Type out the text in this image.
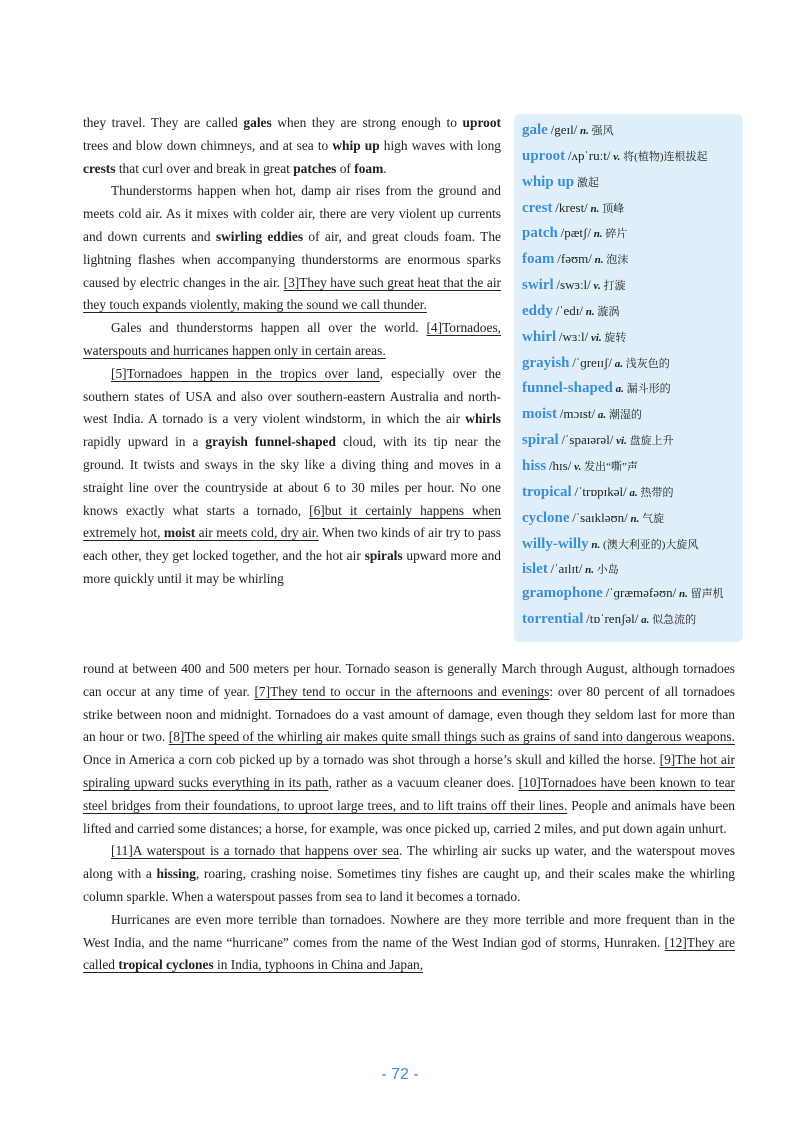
they travel. They are called gales when they are strong enough to uproot trees and blow down chimneys, and at sea to whip up high waves with long crests that curl over and break in great patches of foam.

Thunderstorms happen when hot, damp air rises from the ground and meets cold air. As it mixes with colder air, there are very violent up currents and down currents and swirling eddies of air, and great clouds foam. The lightning flashes when accompanying thunderstorms are enormous sparks caused by electric changes in the air. [3]They have such great heat that the air they touch expands violently, making the sound we call thunder.

Gales and thunderstorms happen all over the world. [4]Tornadoes, waterspouts and hurricanes happen only in certain areas.

[5]Tornadoes happen in the tropics over land, especially over the southern states of USA and also over southern-eastern Australia and north-west India. A tornado is a very violent windstorm, in which the air whirls rapidly upward in a grayish funnel-shaped cloud, with its tip near the ground. It twists and sways in the sky like a diving thing and moves in a straight line over the countryside at about 6 to 30 miles per hour. No one knows exactly what starts a tornado, [6]but it certainly happens when extremely hot, moist air meets cold, dry air. When two kinds of air try to pass each other, they get locked together, and the hot air spirals upward more and more quickly until it may be whirling

gale /geɪl/ n. 强风
uproot /ʌpˈruːt/ v. 将(植物)连根拔起
whip up 激起
crest /krest/ n. 顶峰
patch /pætʃ/ n. 碎片
foam /fəʊm/ n. 泡沫
swirl /swɜːl/ v. 打漩
eddy /ˈedɪ/ n. 漩涡
whirl /wɜːl/ vi. 旋转
grayish /ˈɡreɪɪʃ/ a. 浅灰色的
funnel-shaped a. 漏斗形的
moist /mɔɪst/ a. 潮湿的
spiral /ˈspaɪərəl/ vi. 盘旋上升
hiss /hɪs/ v. 发出“嘶”声
tropical /ˈtrɒpɪkəl/ a. 热带的
cyclone /ˈsaɪkləʊn/ n. 气旋
willy-willy n. (澳大利亚的)大旋风
islet /ˈaɪlɪt/ n. 小岛
gramophone /ˈɡræməfəʊn/ n. 留声机
torrential /tɒˈrenʃəl/ a. 似急流的

round at between 400 and 500 meters per hour. Tornado season is generally March through August, although tornadoes can occur at any time of year. [7]They tend to occur in the afternoons and evenings: over 80 percent of all tornadoes strike between noon and midnight. Tornadoes do a vast amount of damage, even though they seldom last for more than an hour or two. [8]The speed of the whirling air makes quite small things such as grains of sand into dangerous weapons. Once in America a corn cob picked up by a tornado was shot through a horse’s skull and killed the horse. [9]The hot air spiraling upward sucks everything in its path, rather as a vacuum cleaner does. [10]Tornadoes have been known to tear steel bridges from their foundations, to uproot large trees, and to lift trains off their lines. People and animals have been lifted and carried some distances; a horse, for example, was once picked up, carried 2 miles, and put down again unhurt.

[11]A waterspout is a tornado that happens over sea. The whirling air sucks up water, and the waterspout moves along with a hissing, roaring, crashing noise. Sometimes tiny fishes are caught up, and their scales make the whirling column sparkle. When a waterspout passes from sea to land it becomes a tornado.

Hurricanes are even more terrible than tornadoes. Nowhere are they more terrible and more frequent than in the West India, and the name “hurricane” comes from the name of the West Indian god of storms, Hunraken. [12]They are called tropical cyclones in India, typhoons in China and Japan,

- 72 -
